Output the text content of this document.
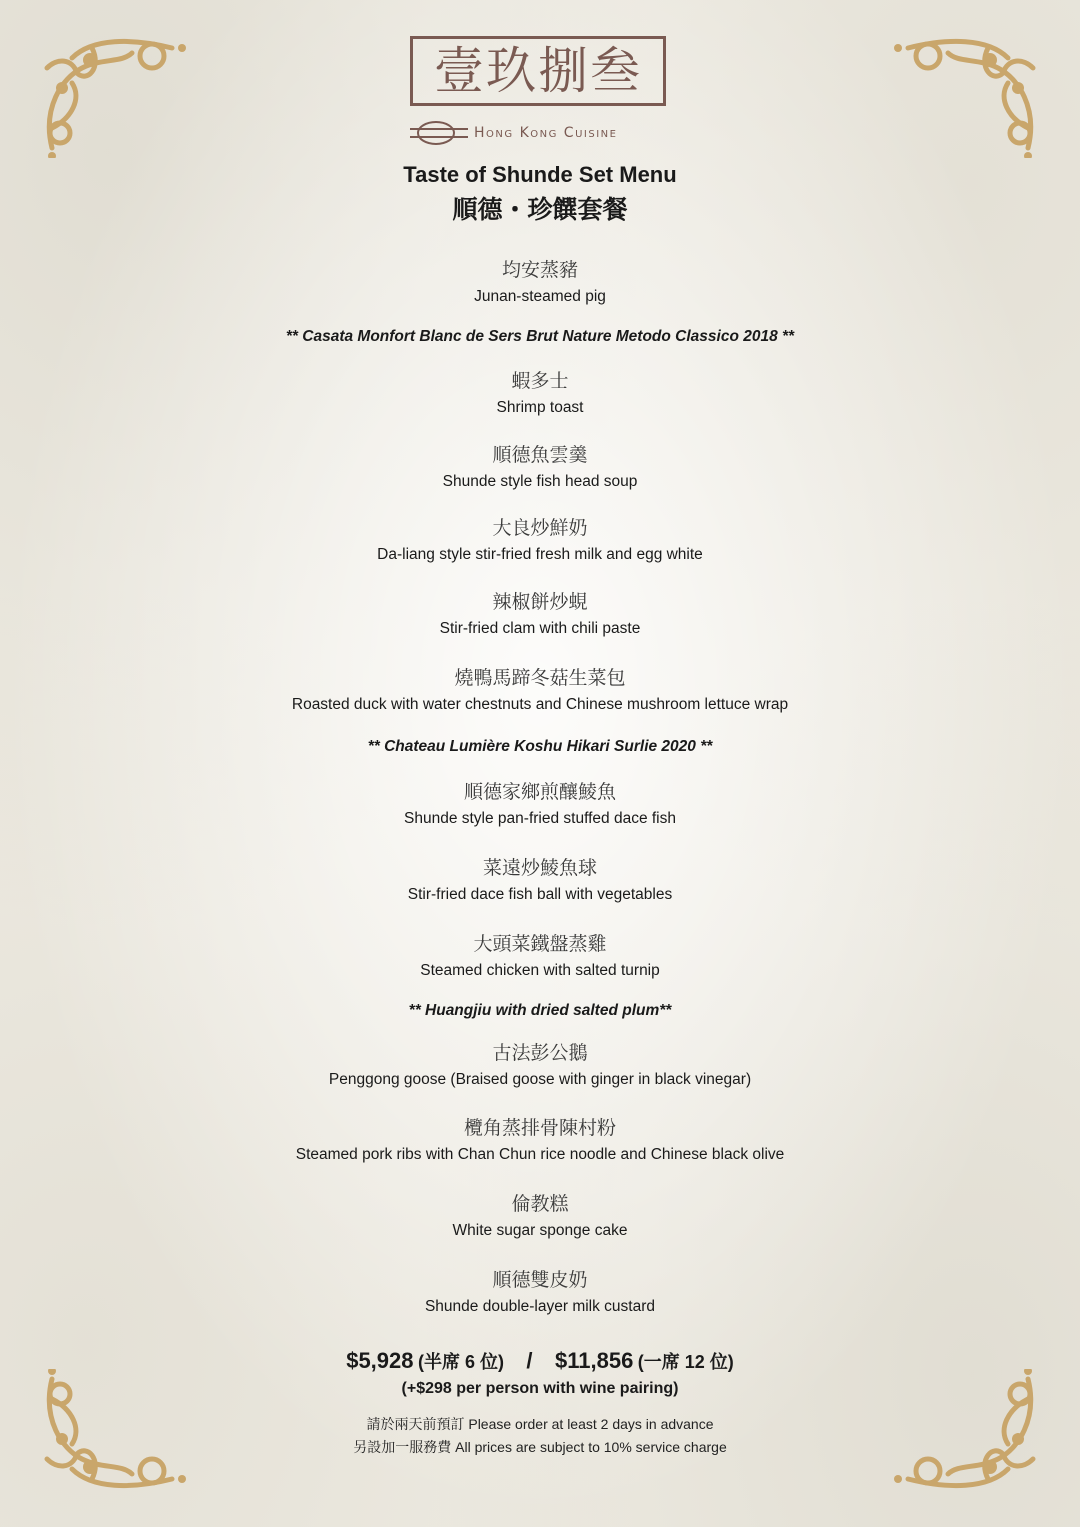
壹玖捌叁
Hong Kong Cuisine
Taste of Shunde Set Menu
順德・珍饌套餐
均安蒸豬
Junan-steamed pig
** Casata Monfort Blanc de Sers Brut Nature Metodo Classico 2018 **
蝦多士
Shrimp toast
順德魚雲羹
Shunde style fish head soup
大良炒鮮奶
Da-liang style stir-fried fresh milk and egg white
辣椒餅炒蜆
Stir-fried clam with chili paste
燒鴨馬蹄冬菇生菜包
Roasted duck with water chestnuts and Chinese mushroom lettuce wrap
** Chateau Lumière Koshu Hikari Surlie 2020 **
順德家鄉煎釀鯪魚
Shunde style pan-fried stuffed dace fish
菜遠炒鯪魚球
Stir-fried dace fish ball with vegetables
大頭菜鐵盤蒸雞
Steamed chicken with salted turnip
** Huangjiu with dried salted plum**
古法彭公鵝
Penggong goose (Braised goose with ginger in black vinegar)
欖角蒸排骨陳村粉
Steamed pork ribs with Chan Chun rice noodle and Chinese black olive
倫教糕
White sugar sponge cake
順德雙皮奶
Shunde double-layer milk custard
$5,928 (半席 6 位) / $11,856 (一席 12 位)
(+$298 per person with wine pairing)
請於兩天前預訂 Please order at least 2 days in advance
另設加一服務費 All prices are subject to 10% service charge
